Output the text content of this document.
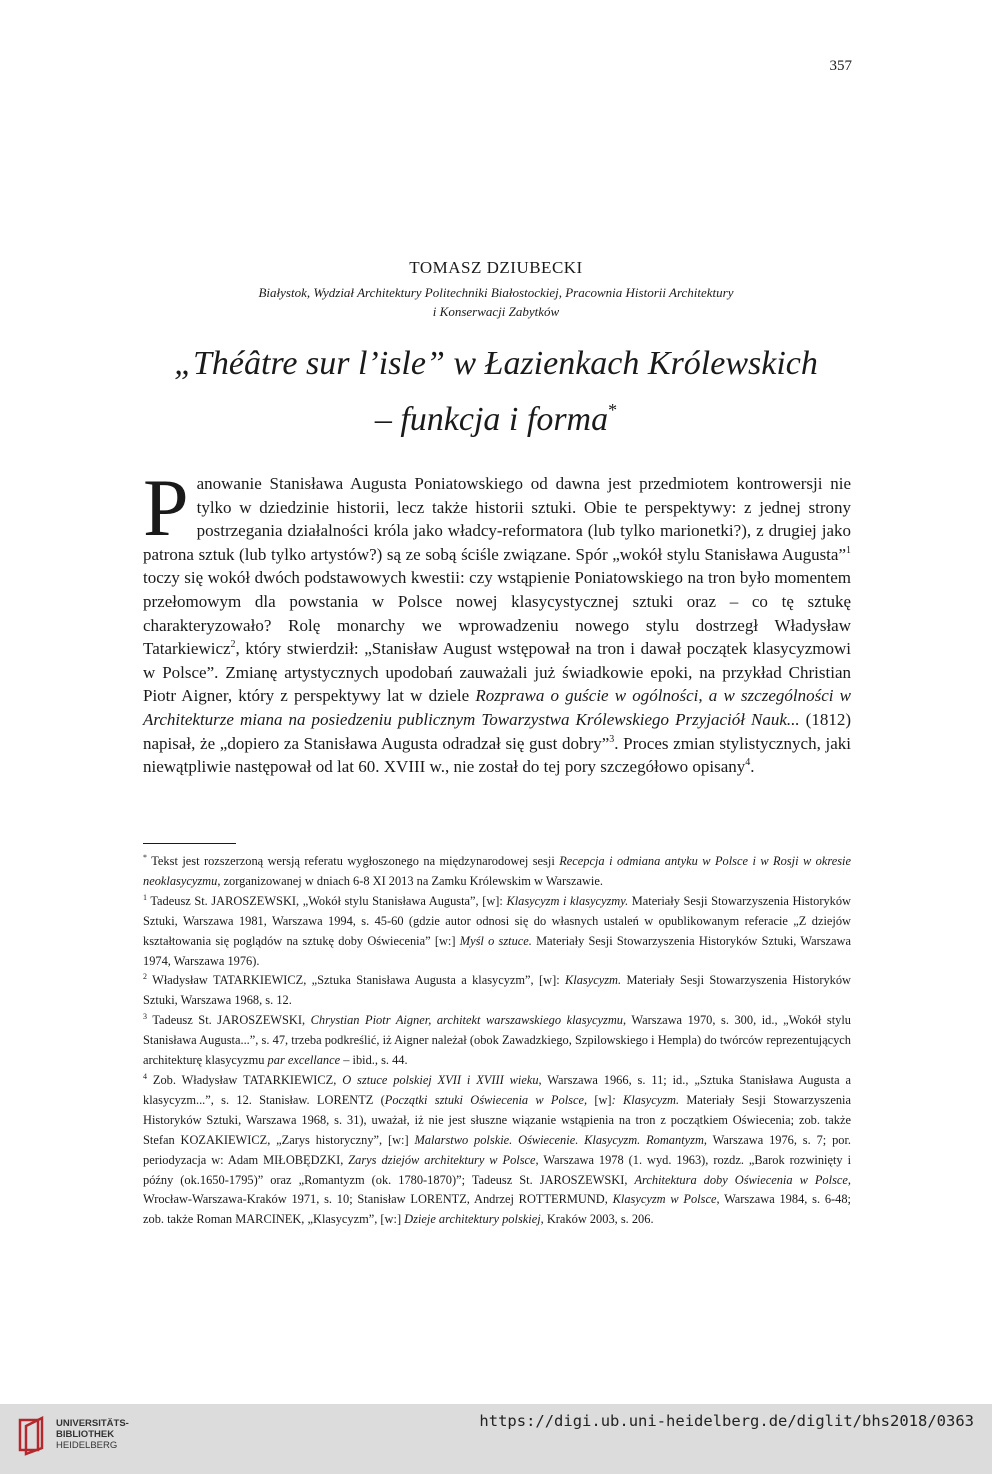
357
TOMASZ DZIUBECKI
Białystok, Wydział Architektury Politechniki Białostockiej, Pracownia Historii Architektury
i Konserwacji Zabytków
„Théâtre sur l’isle” w Łazienkach Królewskich
– funkcja i forma*

Panowanie Stanisława Augusta Poniatowskiego od dawna jest przedmiotem kontrowersji nie tylko w dziedzinie historii, lecz także historii sztuki. Obie te perspektywy: z jednej strony postrzegania działalności króla jako władcy-reformatora (lub tylko marionetki?), z drugiej jako patrona sztuk (lub tylko artystów?) są ze sobą ściśle związane. Spór „wokół stylu Stanisława Augusta”$^1$ toczy się wokół dwóch podstawowych kwestii: czy wstąpienie Poniatowskiego na tron było momentem przełomowym dla powstania w Polsce nowej klasycystycznej sztuki oraz – co tę sztukę charakteryzowało? Rolę monarchy we wprowadzeniu nowego stylu dostrzegł Władysław Tatarkiewicz$^2$, który stwierdził: „Stanisław August wstępował na tron i dawał początek klasycyzmowi w Polsce”. Zmianę artystycznych upodobań zauważali już świadkowie epoki, na przykład Christian Piotr Aigner, który z perspektywy lat w dziele Rozprawa o guście w ogólności, a w szczególności w Architekturze miana na posiedzeniu publicznym Towarzystwa Królewskiego Przyjaciół Nauk... (1812) napisał, że „dopiero za Stanisława Augusta odradzał się gust dobry”$^3$. Proces zmian stylistycznych, jaki niewątpliwie następował od lat 60. XVIII w., nie został do tej pory szczegółowo opisany$^4$.

* Tekst jest rozszerzoną wersją referatu wygłoszonego na międzynarodowej sesji Recepcja i odmiana antyku w Polsce i w Rosji w okresie neoklasycyzmu, zorganizowanej w dniach 6-8 XI 2013 na Zamku Królewskim w Warszawie.

$^1$ Tadeusz St. JAROSZEWSKI, „Wokół stylu Stanisława Augusta”, [w]: Klasycyzm i klasycyzmy. Materiały Sesji Stowarzyszenia Historyków Sztuki, Warszawa 1981, Warszawa 1994, s. 45-60 (gdzie autor odnosi się do własnych ustaleń w opublikowanym referacie „Z dziejów kształtowania się poglądów na sztukę doby Oświecenia” [w:] Myśl o sztuce. Materiały Sesji Stowarzyszenia Historyków Sztuki, Warszawa 1974, Warszawa 1976).

$^2$ Władysław TATARKIEWICZ, „Sztuka Stanisława Augusta a klasycyzm”, [w]: Klasycyzm. Materiały Sesji Stowarzyszenia Historyków Sztuki, Warszawa 1968, s. 12.

$^3$ Tadeusz St. JAROSZEWSKI, Chrystian Piotr Aigner, architekt warszawskiego klasycyzmu, Warszawa 1970, s. 300, id., „Wokół stylu Stanisława Augusta...”, s. 47, trzeba podkreślić, iż Aigner należał (obok Zawadzkiego, Szpilowskiego i Hempla) do twórców reprezentujących architekturę klasycyzmu par excellance – ibid., s. 44.

$^4$ Zob. Władysław TATARKIEWICZ, O sztuce polskiej XVII i XVIII wieku, Warszawa 1966, s. 11; id., „Sztuka Stanisława Augusta a klasycyzm...”, s. 12. Stanisław. LORENTZ (Początki sztuki Oświecenia w Polsce, [w]: Klasycyzm. Materiały Sesji Stowarzyszenia Historyków Sztuki, Warszawa 1968, s. 31), uważał, iż nie jest słuszne wiązanie wstąpienia na tron z początkiem Oświecenia; zob. także Stefan KOZAKIEWICZ, „Zarys historyczny”, [w:] Malarstwo polskie. Oświecenie. Klasycyzm. Romantyzm, Warszawa 1976, s. 7; por. periodyzacja w: Adam MIŁOBĘDZKI, Zarys dziejów architektury w Polsce, Warszawa 1978 (1. wyd. 1963), rozdz. „Barok rozwinięty i późny (ok.1650-1795)” oraz „Romantyzm (ok. 1780-1870)”; Tadeusz St. JAROSZEWSKI, Architektura doby Oświecenia w Polsce, Wrocław-Warszawa-Kraków 1971, s. 10; Stanisław LORENTZ, Andrzej ROTTERMUND, Klasycyzm w Polsce, Warszawa 1984, s. 6-48; zob. także Roman MARCINEK, „Klasycyzm”, [w:] Dzieje architektury polskiej, Kraków 2003, s. 206.

UNIVERSITÄTS-
BIBLIOTHEK
HEIDELBERG
https://digi.ub.uni-heidelberg.de/diglit/bhs2018/0363
